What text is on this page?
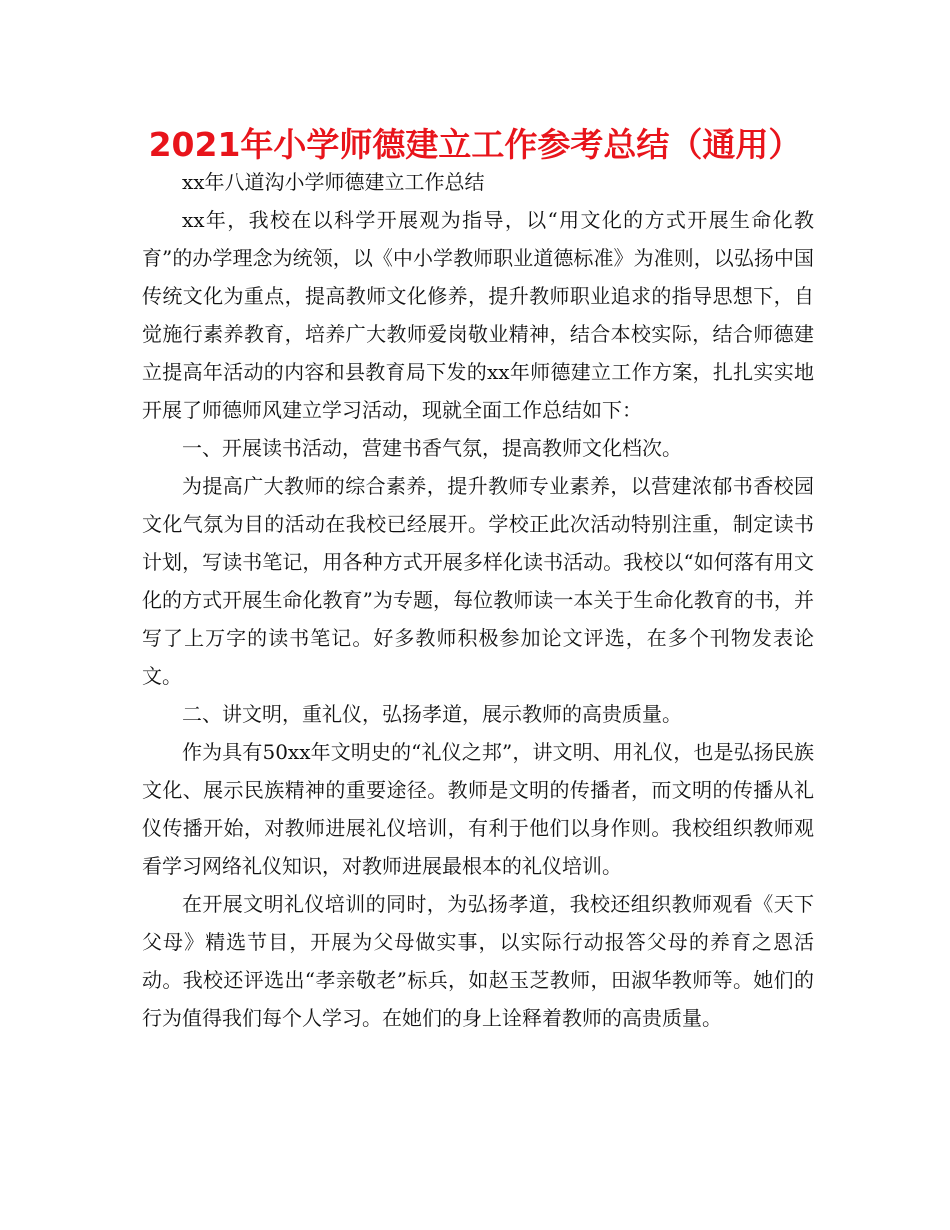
2021年小学师德建立工作参考总结（通用）

xx年八道沟小学师德建立工作总结

xx年，我校在以科学开展观为指导，以“用文化的方式开展生命化教育”的办学理念为统领，以《中小学教师职业道德标准》为准则，以弘扬中国传统文化为重点，提高教师文化修养，提升教师职业追求的指导思想下，自觉施行素养教育，培养广大教师爱岗敬业精神，结合本校实际，结合师德建立提高年活动的内容和县教育局下发的xx年师德建立工作方案，扎扎实实地开展了师德师风建立学习活动，现就全面工作总结如下：

一、开展读书活动，营建书香气氛，提高教师文化档次。

为提高广大教师的综合素养，提升教师专业素养，以营建浓郁书香校园文化气氛为目的活动在我校已经展开。学校正此次活动特别注重，制定读书计划，写读书笔记，用各种方式开展多样化读书活动。我校以“如何落有用文化的方式开展生命化教育”为专题，每位教师读一本关于生命化教育的书，并写了上万字的读书笔记。好多教师积极参加论文评选，在多个刊物发表论文。

二、讲文明，重礼仪，弘扬孝道，展示教师的高贵质量。

作为具有50xx年文明史的“礼仪之邦”，讲文明、用礼仪，也是弘扬民族文化、展示民族精神的重要途径。教师是文明的传播者，而文明的传播从礼仪传播开始，对教师进展礼仪培训，有利于他们以身作则。我校组织教师观看学习网络礼仪知识，对教师进展最根本的礼仪培训。

在开展文明礼仪培训的同时，为弘扬孝道，我校还组织教师观看《天下父母》精选节目，开展为父母做实事，以实际行动报答父母的养育之恩活动。我校还评选出“孝亲敬老”标兵，如赵玉芝教师，田淑华教师等。她们的行为值得我们每个人学习。在她们的身上诠释着教师的高贵质量。
